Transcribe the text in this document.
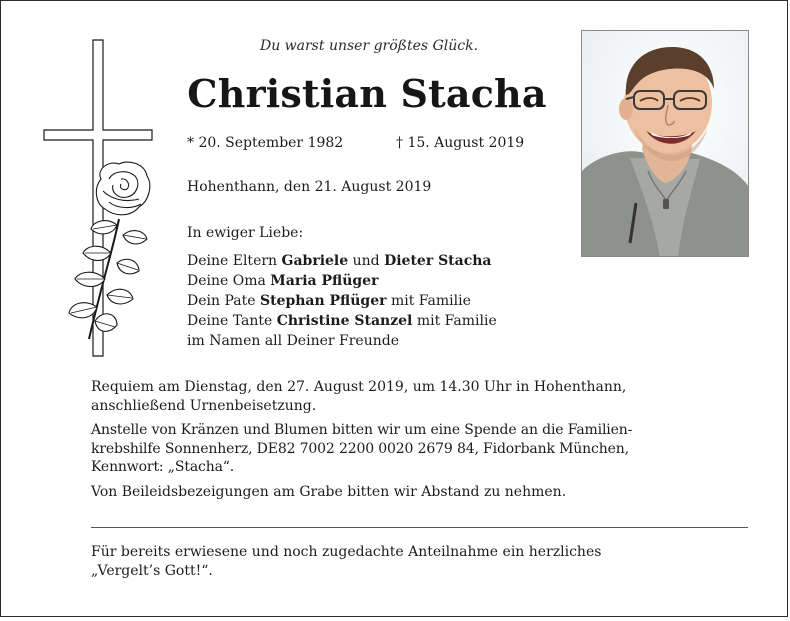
Du warst unser größtes Glück.
Christian Stacha
* 20. September 1982	† 15. August 2019
Hohenthann, den 21. August 2019
In ewiger Liebe:
Deine Eltern Gabriele und Dieter Stacha
Deine Oma Maria Pflüger
Dein Pate Stephan Pflüger mit Familie
Deine Tante Christine Stanzel mit Familie
im Namen all Deiner Freunde

Requiem am Dienstag, den 27. August 2019, um 14.30 Uhr in Hohenthann,
anschließend Urnenbeisetzung.

Anstelle von Kränzen und Blumen bitten wir um eine Spende an die Familien-
krebshilfe Sonnenherz, DE82 7002 2200 0020 2679 84, Fidorbank München,
Kennwort: „Stacha“.

Von Beileidsbezeigungen am Grabe bitten wir Abstand zu nehmen.

Für bereits erwiesene und noch zugedachte Anteilnahme ein herzliches
„Vergelt’s Gott!“.
